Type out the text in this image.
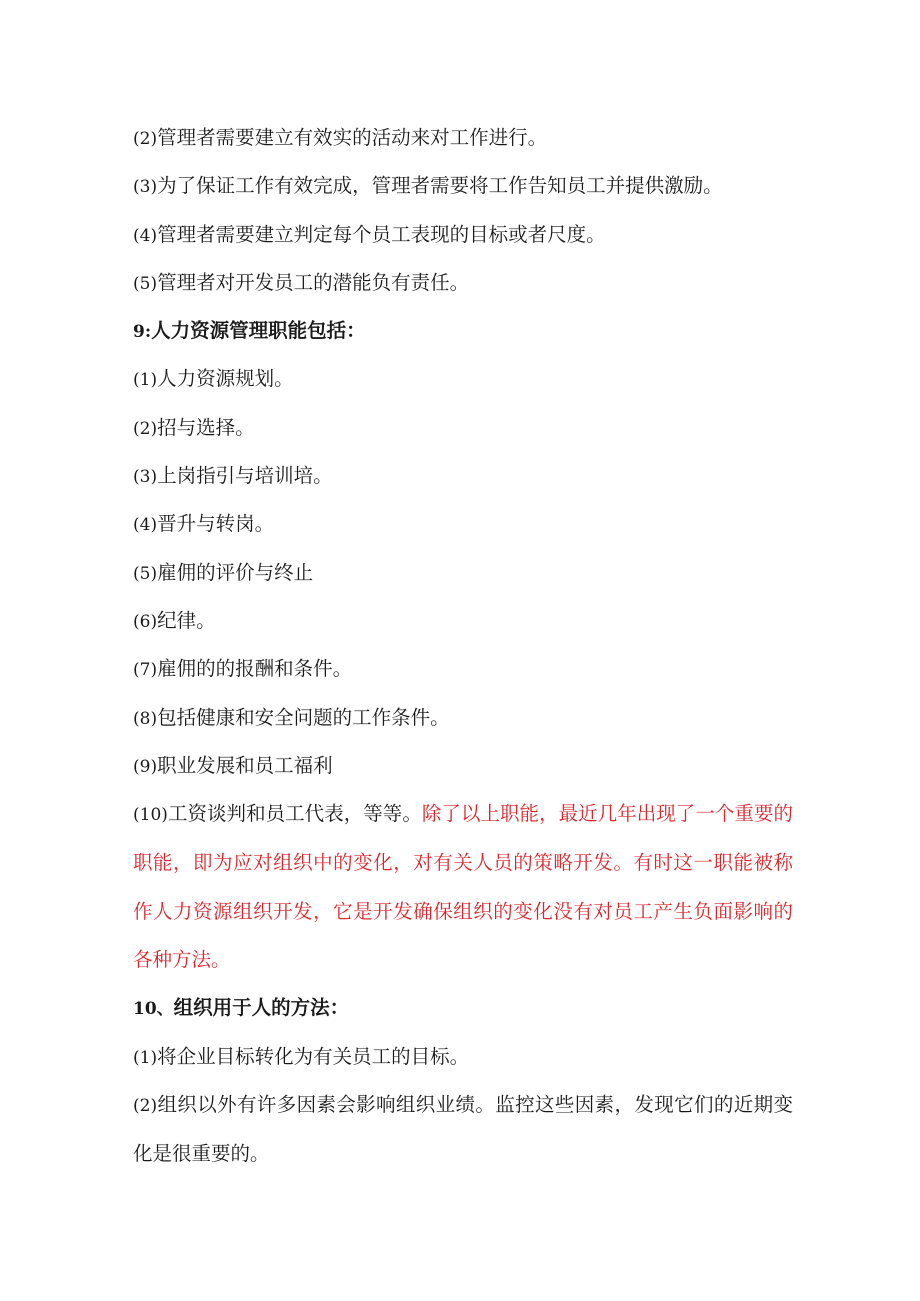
(2)管理者需要建立有效实的活动来对工作进行。
(3)为了保证工作有效完成，管理者需要将工作告知员工并提供激励。
(4)管理者需要建立判定每个员工表现的目标或者尺度。
(5)管理者对开发员工的潜能负有责任。
9:人力资源管理职能包括：
(1)人力资源规划。
(2)招与选择。
(3)上岗指引与培训培。
(4)晋升与转岗。
(5)雇佣的评价与终止
(6)纪律。
(7)雇佣的的报酬和条件。
(8)包括健康和安全问题的工作条件。
(9)职业发展和员工福利
(10)工资谈判和员工代表，等等。除了以上职能，最近几年出现了一个重要的职能，即为应对组织中的变化，对有关人员的策略开发。有时这一职能被称作人力资源组织开发，它是开发确保组织的变化没有对员工产生负面影响的各种方法。
10、组织用于人的方法：
(1)将企业目标转化为有关员工的目标。
(2)组织以外有许多因素会影响组织业绩。监控这些因素，发现它们的近期变化是很重要的。
